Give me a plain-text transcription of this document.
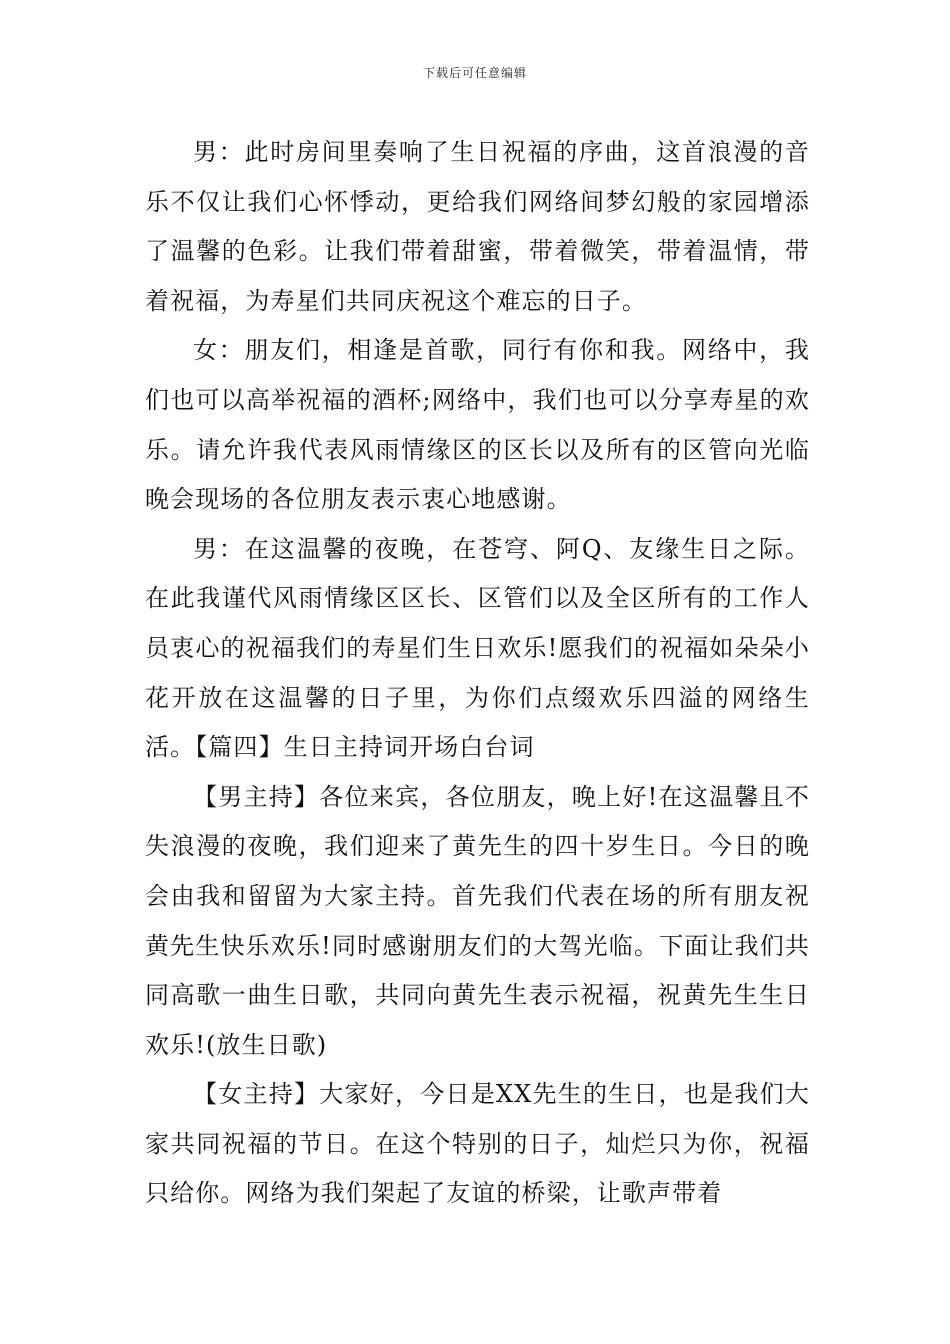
下载后可任意编辑

男：此时房间里奏响了生日祝福的序曲，这首浪漫的音乐不仅让我们心怀悸动，更给我们网络间梦幻般的家园增添了温馨的色彩。让我们带着甜蜜，带着微笑，带着温情，带着祝福，为寿星们共同庆祝这个难忘的日子。

女：朋友们，相逢是首歌，同行有你和我。网络中，我们也可以高举祝福的酒杯;网络中，我们也可以分享寿星的欢乐。请允许我代表风雨情缘区的区长以及所有的区管向光临晚会现场的各位朋友表示衷心地感谢。

男：在这温馨的夜晚，在苍穹、阿Q、友缘生日之际。在此我谨代风雨情缘区区长、区管们以及全区所有的工作人员衷心的祝福我们的寿星们生日欢乐!愿我们的祝福如朵朵小花开放在这温馨的日子里，为你们点缀欢乐四溢的网络生活。【篇四】生日主持词开场白台词

【男主持】各位来宾，各位朋友，晚上好!在这温馨且不失浪漫的夜晚，我们迎来了黄先生的四十岁生日。今日的晚会由我和留留为大家主持。首先我们代表在场的所有朋友祝黄先生快乐欢乐!同时感谢朋友们的大驾光临。下面让我们共同高歌一曲生日歌，共同向黄先生表示祝福，祝黄先生生日欢乐!(放生日歌)

【女主持】大家好，今日是XX先生的生日，也是我们大家共同祝福的节日。在这个特别的日子，灿烂只为你，祝福只给你。网络为我们架起了友谊的桥梁，让歌声带着
